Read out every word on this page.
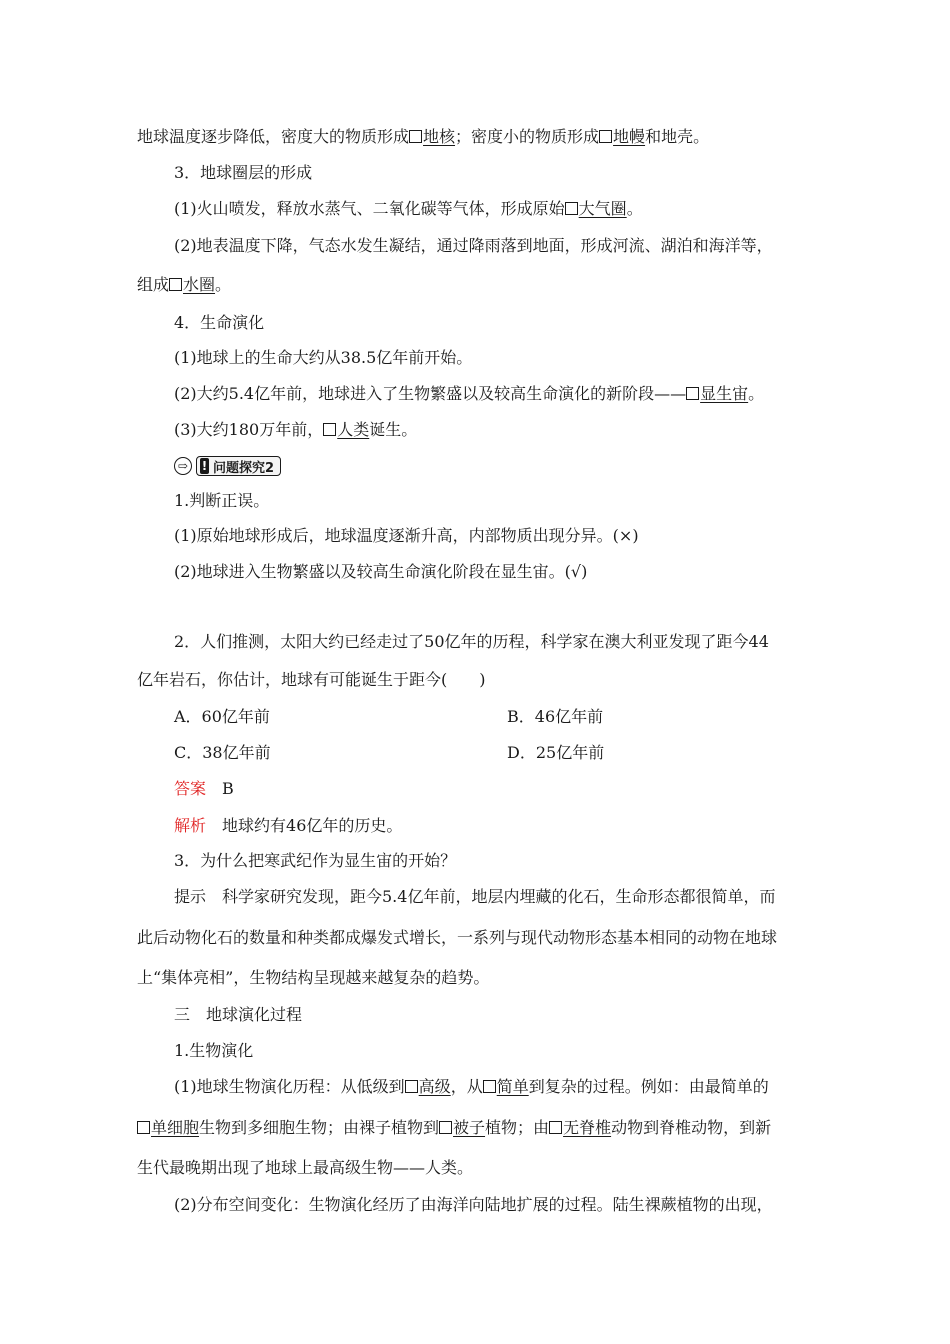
地球温度逐步降低，密度大的物质形成 地核；密度小的物质形成 地幔和地壳。
3．地球圈层的形成
(1)火山喷发，释放水蒸气、二氧化碳等气体，形成原始 大气圈。
(2)地表温度下降，气态水发生凝结，通过降雨落到地面，形成河流、湖泊和海洋等，
组成 水圈。
4．生命演化
(1)地球上的生命大约从38.5亿年前开始。
(2)大约5.4亿年前，地球进入了生物繁盛以及较高生命演化的新阶段—— 显生宙。
(3)大约180万年前， 人类诞生。
⇨	! 问题探究2
1.判断正误。
(1)原始地球形成后，地球温度逐渐升高，内部物质出现分异。(×)
(2)地球进入生物繁盛以及较高生命演化阶段在显生宙。(√)
2．人们推测，太阳大约已经走过了50亿年的历程，科学家在澳大利亚发现了距今44
亿年岩石，你估计，地球有可能诞生于距今(　　)
A．60亿年前	B．46亿年前
C．38亿年前	D．25亿年前
答案　 B
解析　 地球约有46亿年的历史。
3．为什么把寒武纪作为显生宙的开始？
提示　科学家研究发现，距今5.4亿年前，地层内埋藏的化石，生命形态都很简单，而
此后动物化石的数量和种类都成爆发式增长，一系列与现代动物形态基本相同的动物在地球
上“集体亮相”，生物结构呈现越来越复杂的趋势。
三　地球演化过程
1.生物演化
(1)地球生物演化历程：从低级到 高级，从 简单到复杂的过程。例如：由最简单的
单细胞生物到多细胞生物；由裸子植物到 被子植物；由 无脊椎动物到脊椎动物，到新
生代最晚期出现了地球上最高级生物——人类。
(2)分布空间变化：生物演化经历了由海洋向陆地扩展的过程。陆生裸蕨植物的出现，
